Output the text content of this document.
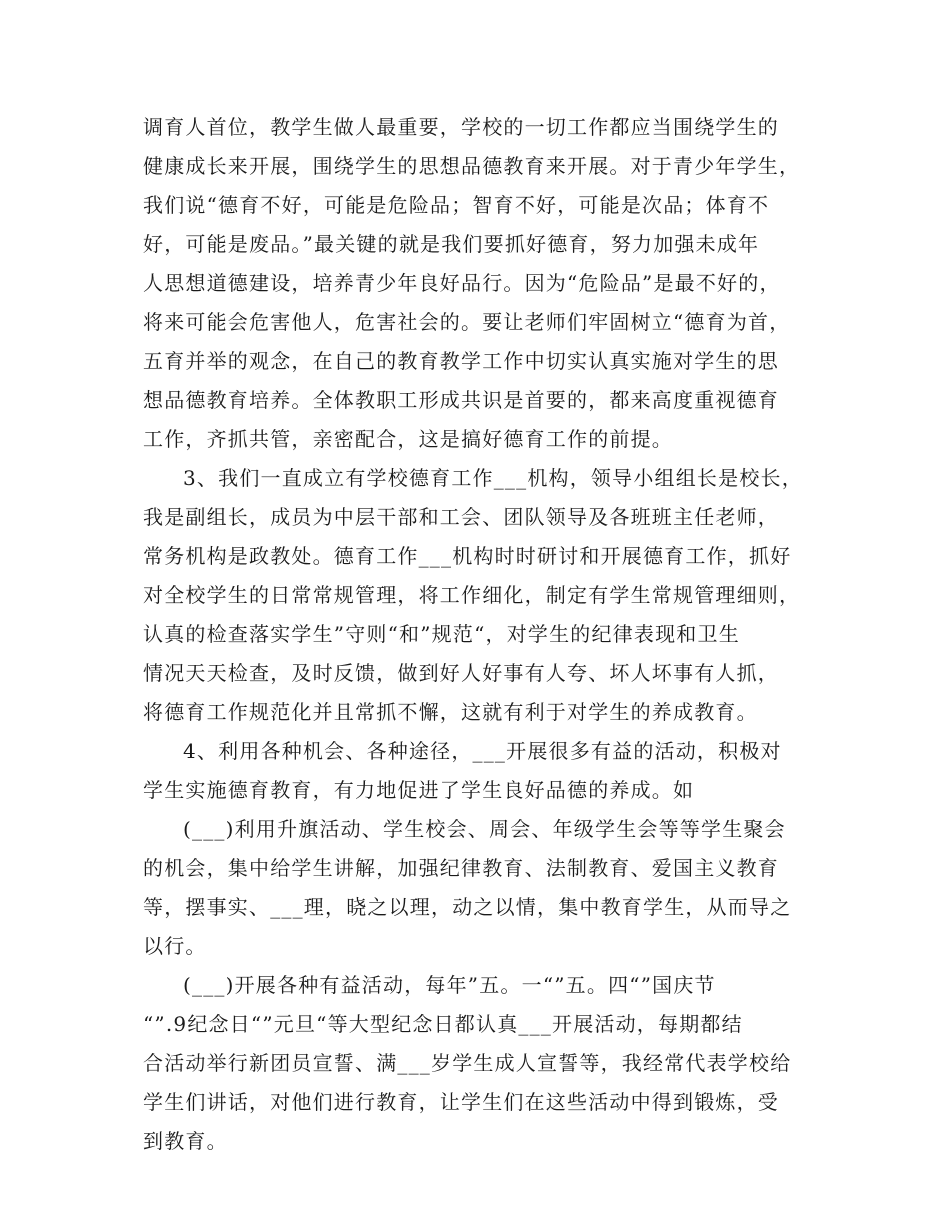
调育人首位，教学生做人最重要，学校的一切工作都应当围绕学生的
健康成长来开展，围绕学生的思想品德教育来开展。对于青少年学生，
我们说“德育不好，可能是危险品；智育不好，可能是次品；体育不
好，可能是废品。”最关键的就是我们要抓好德育，努力加强未成年
人思想道德建设，培养青少年良好品行。因为“危险品”是最不好的，
将来可能会危害他人，危害社会的。要让老师们牢固树立“德育为首，
五育并举的观念，在自己的教育教学工作中切实认真实施对学生的思
想品德教育培养。全体教职工形成共识是首要的，都来高度重视德育
工作，齐抓共管，亲密配合，这是搞好德育工作的前提。
3、我们一直成立有学校德育工作___机构，领导小组组长是校长，
我是副组长，成员为中层干部和工会、团队领导及各班班主任老师，
常务机构是政教处。德育工作___机构时时研讨和开展德育工作，抓好
对全校学生的日常常规管理，将工作细化，制定有学生常规管理细则，
认真的检查落实学生”守则“和”规范“，对学生的纪律表现和卫生
情况天天检查，及时反馈，做到好人好事有人夸、坏人坏事有人抓，
将德育工作规范化并且常抓不懈，这就有利于对学生的养成教育。
4、利用各种机会、各种途径，___开展很多有益的活动，积极对
学生实施德育教育，有力地促进了学生良好品德的养成。如
(___)利用升旗活动、学生校会、周会、年级学生会等等学生聚会
的机会，集中给学生讲解，加强纪律教育、法制教育、爱国主义教育
等，摆事实、___理，晓之以理，动之以情，集中教育学生，从而导之
以行。
(___)开展各种有益活动，每年”五。一“”五。四“”国庆节
“”.9纪念日“”元旦“等大型纪念日都认真___开展活动，每期都结
合活动举行新团员宣誓、满___岁学生成人宣誓等，我经常代表学校给
学生们讲话，对他们进行教育，让学生们在这些活动中得到锻炼，受
到教育。
